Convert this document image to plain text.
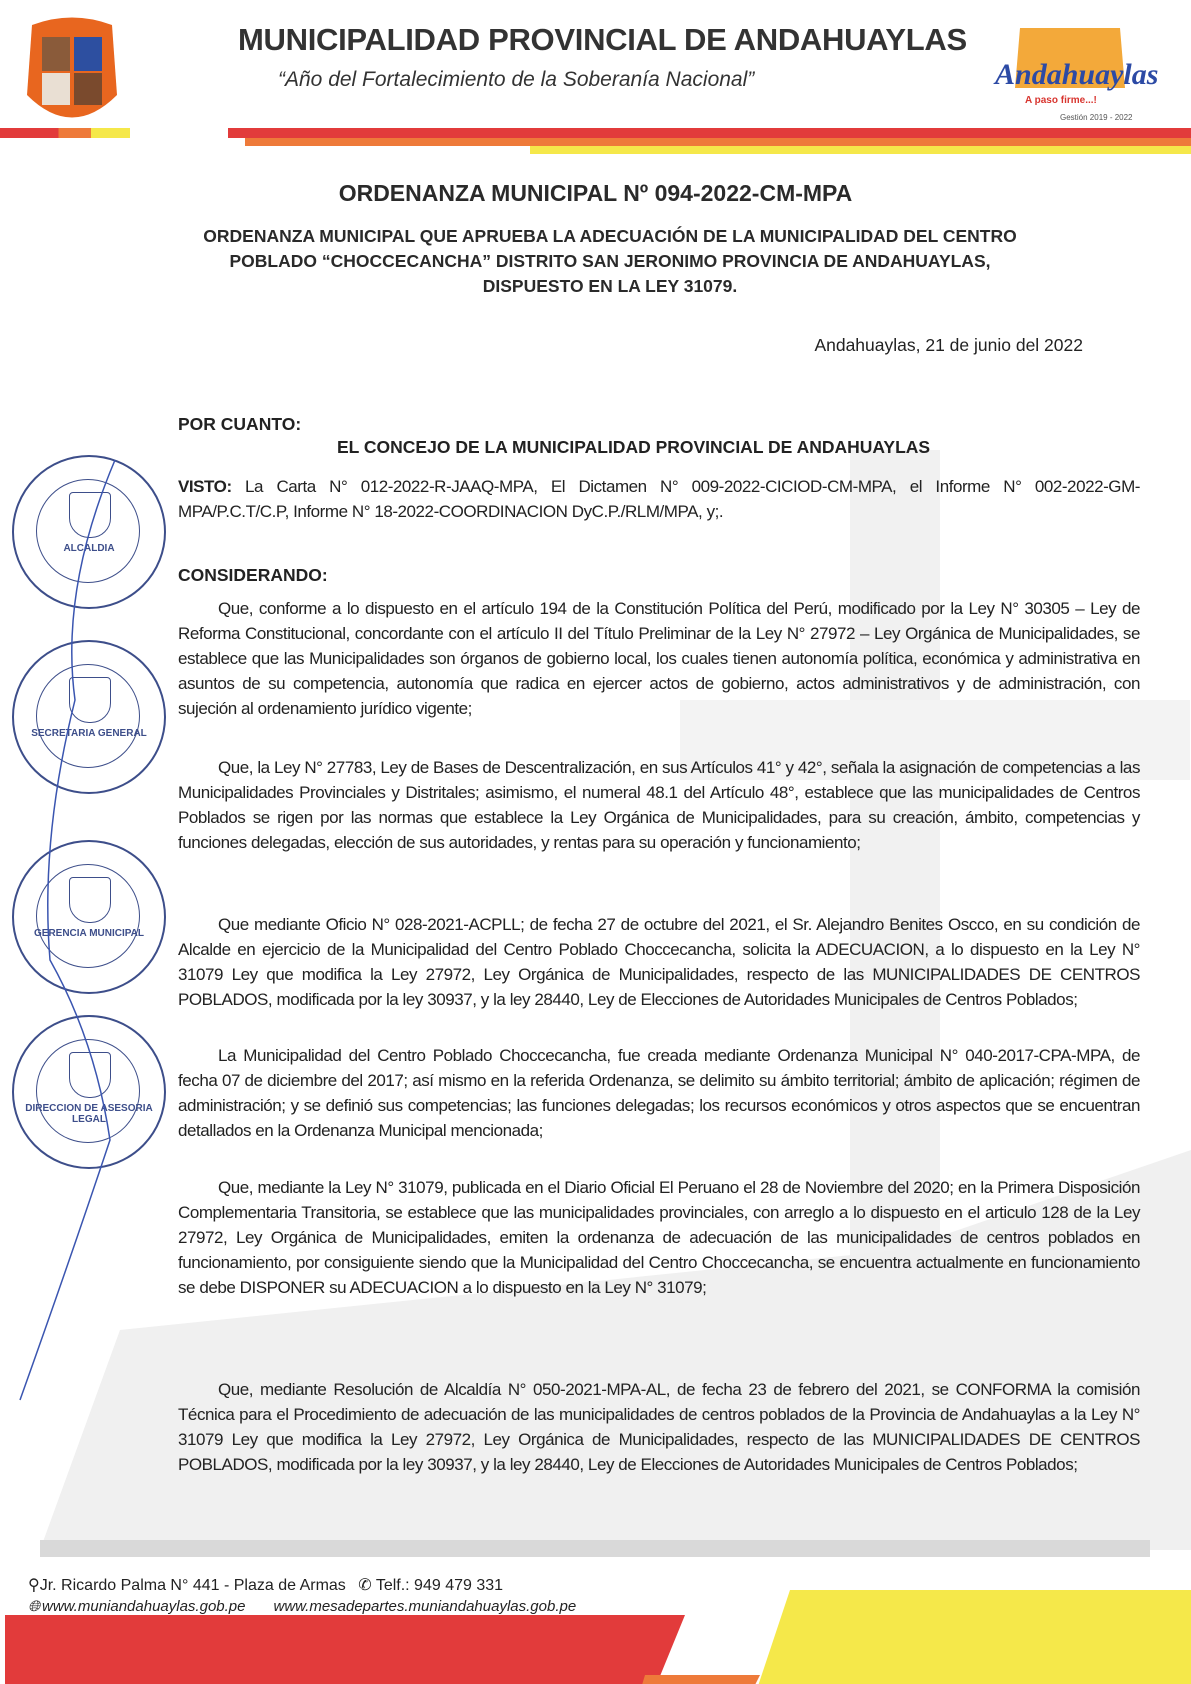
MUNICIPALIDAD PROVINCIAL DE ANDAHUAYLAS
“Año del Fortalecimiento de la Soberanía Nacional”	Andahuaylas
A paso firme...!
Gestión 2019 - 2022
ORDENANZA MUNICIPAL Nº 094-2022-CM-MPA
ORDENANZA MUNICIPAL QUE APRUEBA LA ADECUACIÓN DE LA MUNICIPALIDAD DEL CENTRO POBLADO “CHOCCECANCHA” DISTRITO SAN JERONIMO PROVINCIA DE ANDAHUAYLAS, DISPUESTO EN LA LEY 31079.
Andahuaylas, 21 de junio del 2022
POR CUANTO:
EL CONCEJO DE LA MUNICIPALIDAD PROVINCIAL DE ANDAHUAYLAS
VISTO: La Carta N° 012-2022-R-JAAQ-MPA, El Dictamen N° 009-2022-CICIOD-CM-MPA, el Informe N° 002-2022-GM-MPA/P.C.T/C.P, Informe N° 18-2022-COORDINACION DyC.P./RLM/MPA, y;.
CONSIDERANDO:

Que, conforme a lo dispuesto en el artículo 194 de la Constitución Política del Perú, modificado por la Ley N° 30305 – Ley de Reforma Constitucional, concordante con el artículo II del Título Preliminar de la Ley N° 27972 – Ley Orgánica de Municipalidades, se establece que las Municipalidades son órganos de gobierno local, los cuales tienen autonomía política, económica y administrativa en asuntos de su competencia, autonomía que radica en ejercer actos de gobierno, actos administrativos y de administración, con sujeción al ordenamiento jurídico vigente;

Que, la Ley N° 27783, Ley de Bases de Descentralización, en sus Artículos 41° y 42°, señala la asignación de competencias a las Municipalidades Provinciales y Distritales; asimismo, el numeral 48.1 del Artículo 48°, establece que las municipalidades de Centros Poblados se rigen por las normas que establece la Ley Orgánica de Municipalidades, para su creación, ámbito, competencias y funciones delegadas, elección de sus autoridades, y rentas para su operación y funcionamiento;

Que mediante Oficio N° 028-2021-ACPLL; de fecha 27 de octubre del 2021, el Sr. Alejandro Benites Oscco, en su condición de Alcalde en ejercicio de la Municipalidad del Centro Poblado Choccecancha, solicita la ADECUACION, a lo dispuesto en la Ley N° 31079 Ley que modifica la Ley 27972, Ley Orgánica de Municipalidades, respecto de las MUNICIPALIDADES DE CENTROS POBLADOS, modificada por la ley 30937, y la ley 28440, Ley de Elecciones de Autoridades Municipales de Centros Poblados;

La Municipalidad del Centro Poblado Choccecancha, fue creada mediante Ordenanza Municipal N° 040-2017-CPA-MPA, de fecha 07 de diciembre del 2017; así mismo en la referida Ordenanza, se delimito su ámbito territorial; ámbito de aplicación; régimen de administración; y se definió sus competencias; las funciones delegadas; los recursos económicos y otros aspectos que se encuentran detallados en la Ordenanza Municipal mencionada;

Que, mediante la Ley N° 31079, publicada en el Diario Oficial El Peruano el 28 de Noviembre del 2020; en la Primera Disposición Complementaria Transitoria, se establece que las municipalidades provinciales, con arreglo a lo dispuesto en el articulo 128 de la Ley 27972, Ley Orgánica de Municipalidades, emiten la ordenanza de adecuación de las municipalidades de centros poblados en funcionamiento, por consiguiente siendo que la Municipalidad del Centro Choccecancha, se encuentra actualmente en funcionamiento se debe DISPONER su ADECUACION a lo dispuesto en la Ley N° 31079;

Que, mediante Resolución de Alcaldía N° 050-2021-MPA-AL, de fecha 23 de febrero del 2021, se CONFORMA la comisión Técnica para el Procedimiento de adecuación de las municipalidades de centros poblados de la Provincia de Andahuaylas a la Ley N° 31079 Ley que modifica la Ley 27972, Ley Orgánica de Municipalidades, respecto de las MUNICIPALIDADES DE CENTROS POBLADOS, modificada por la ley 30937, y la ley 28440, Ley de Elecciones de Autoridades Municipales de Centros Poblados;

ALCALDIA
SECRETARIA GENERAL
GERENCIA MUNICIPAL
DIRECCION DE ASESORIA LEGAL
⚲Jr. Ricardo Palma N° 441 - Plaza de Armas ✆ Telf.: 949 479 331
🌐︎ www.muniandahuaylas.gob.pe www.mesadepartes.muniandahuaylas.gob.pe
